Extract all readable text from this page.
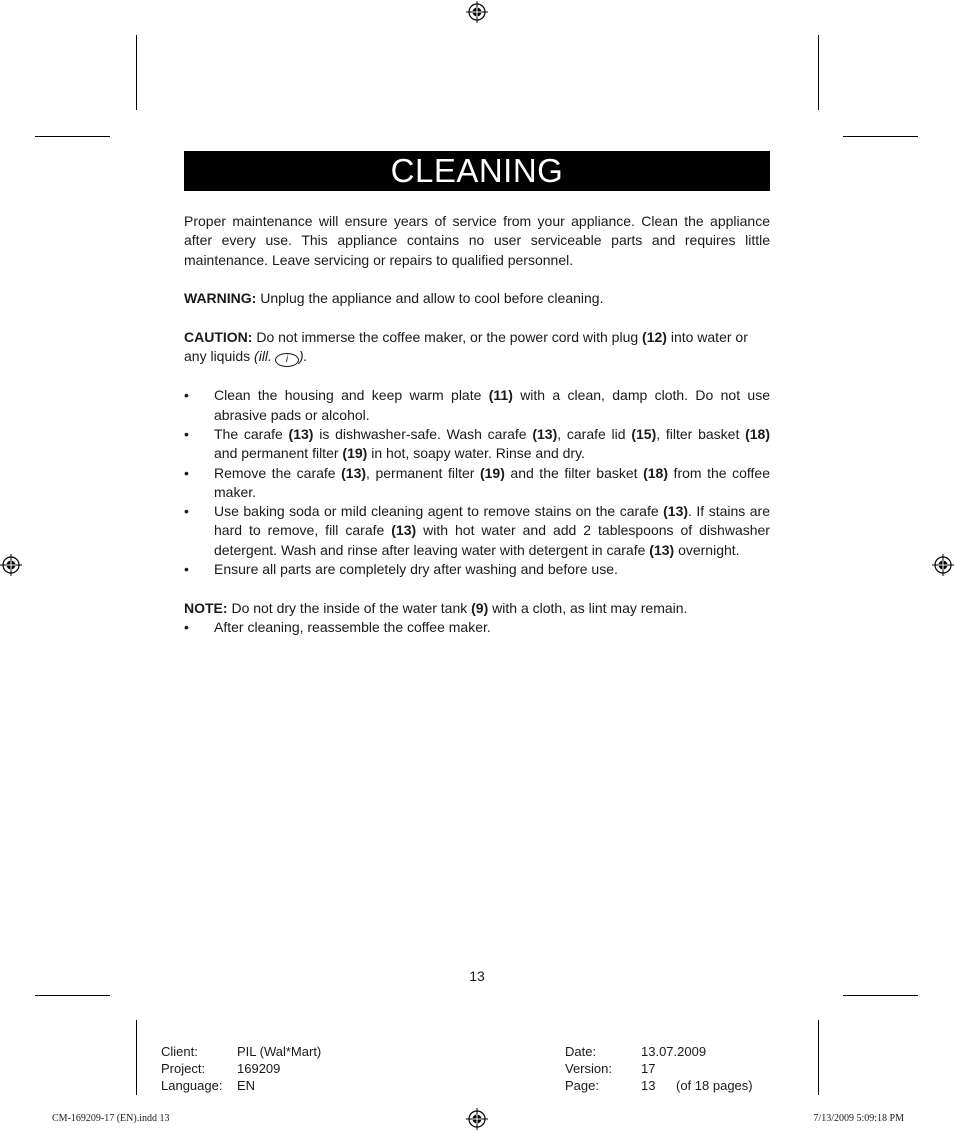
CLEANING

Proper maintenance will ensure years of service from your appliance. Clean the appliance after every use. This appliance contains no user serviceable parts and requires little maintenance. Leave servicing or repairs to qualified personnel.

WARNING: Unplug the appliance and allow to cool before cleaning.

CAUTION: Do not immerse the coffee maker, or the power cord with plug (12) into water or any liquids (ill. i ).

• Clean the housing and keep warm plate (11) with a clean, damp cloth. Do not use abrasive pads or alcohol.
• The carafe (13) is dishwasher-safe. Wash carafe (13), carafe lid (15), filter basket (18) and permanent filter (19) in hot, soapy water. Rinse and dry.
• Remove the carafe (13), permanent filter (19) and the filter basket (18) from the coffee maker.
• Use baking soda or mild cleaning agent to remove stains on the carafe (13). If stains are hard to remove, fill carafe (13) with hot water and add 2 tablespoons of dishwasher detergent. Wash and rinse after leaving water with detergent in carafe (13) overnight.
• Ensure all parts are completely dry after washing and before use.

NOTE: Do not dry the inside of the water tank (9) with a cloth, as lint may remain.

• After cleaning, reassemble the coffee maker.
13
Client:	PIL (Wal*Mart)
Project:	169209
Language:	EN
Date:	13.07.2009
Version:	17
Page:	13	(of 18 pages)
CM-169209-17 (EN).indd 13	7/13/2009 5:09:18 PM
